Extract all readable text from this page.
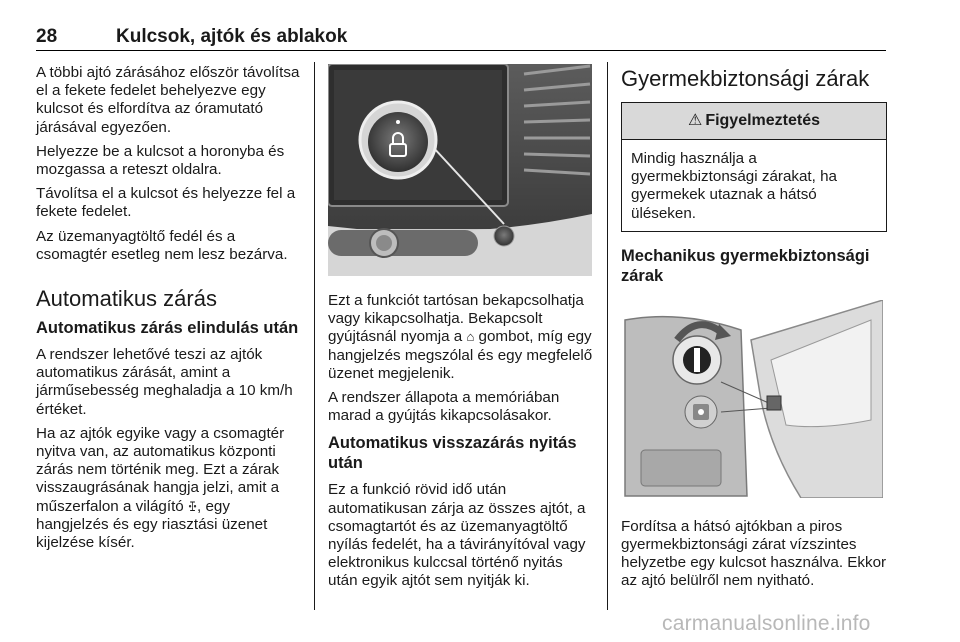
28	Kulcsok, ajtók és ablakok

A többi ajtó zárásához először távolítsa el a fekete fedelet behelyezve egy kulcsot és elfordítva az óramutató járásával egyezően.

Helyezze be a kulcsot a horonyba és mozgassa a reteszt oldalra.

Távolítsa el a kulcsot és helyezze fel a fekete fedelet.

Az üzemanyagtöltő fedél és a csomagtér esetleg nem lesz bezárva.

Automatikus zárás
Automatikus zárás elindulás után

A rendszer lehetővé teszi az ajtók automatikus zárását, amint a járműsebesség meghaladja a 10 km/h értéket.

Ha az ajtók egyike vagy a csomagtér nyitva van, az automatikus központi zárás nem történik meg. Ezt a zárak visszaugrásának hangja jelzi, amit a műszerfalon a világító ꔀ, egy hangjelzés és egy riasztási üzenet kijelzése kísér.

Ezt a funkciót tartósan bekapcsolhatja vagy kikapcsolhatja. Bekapcsolt gyújtásnál nyomja a ⌂ gombot, míg egy hangjelzés megszólal és egy megfelelő üzenet megjelenik.

A rendszer állapota a memóriában marad a gyújtás kikapcsolásakor.

Automatikus visszazárás nyitás után

Ez a funkció rövid idő után automatikusan zárja az összes ajtót, a csomagtartót és az üzemanyagtöltő nyílás fedelét, ha a távirányítóval vagy elektronikus kulccsal történő nyitás után egyik ajtót sem nyitják ki.

Gyermekbiztonsági zárak
⚠ Figyelmeztetés

Mindig használja a gyermekbiztonsági zárakat, ha gyermekek utaznak a hátsó üléseken.

Mechanikus gyermekbiztonsági zárak

Fordítsa a hátsó ajtókban a piros gyermekbiztonsági zárat vízszintes helyzetbe egy kulcsot használva. Ekkor az ajtó belülről nem nyitható.

carmanualsonline.info
